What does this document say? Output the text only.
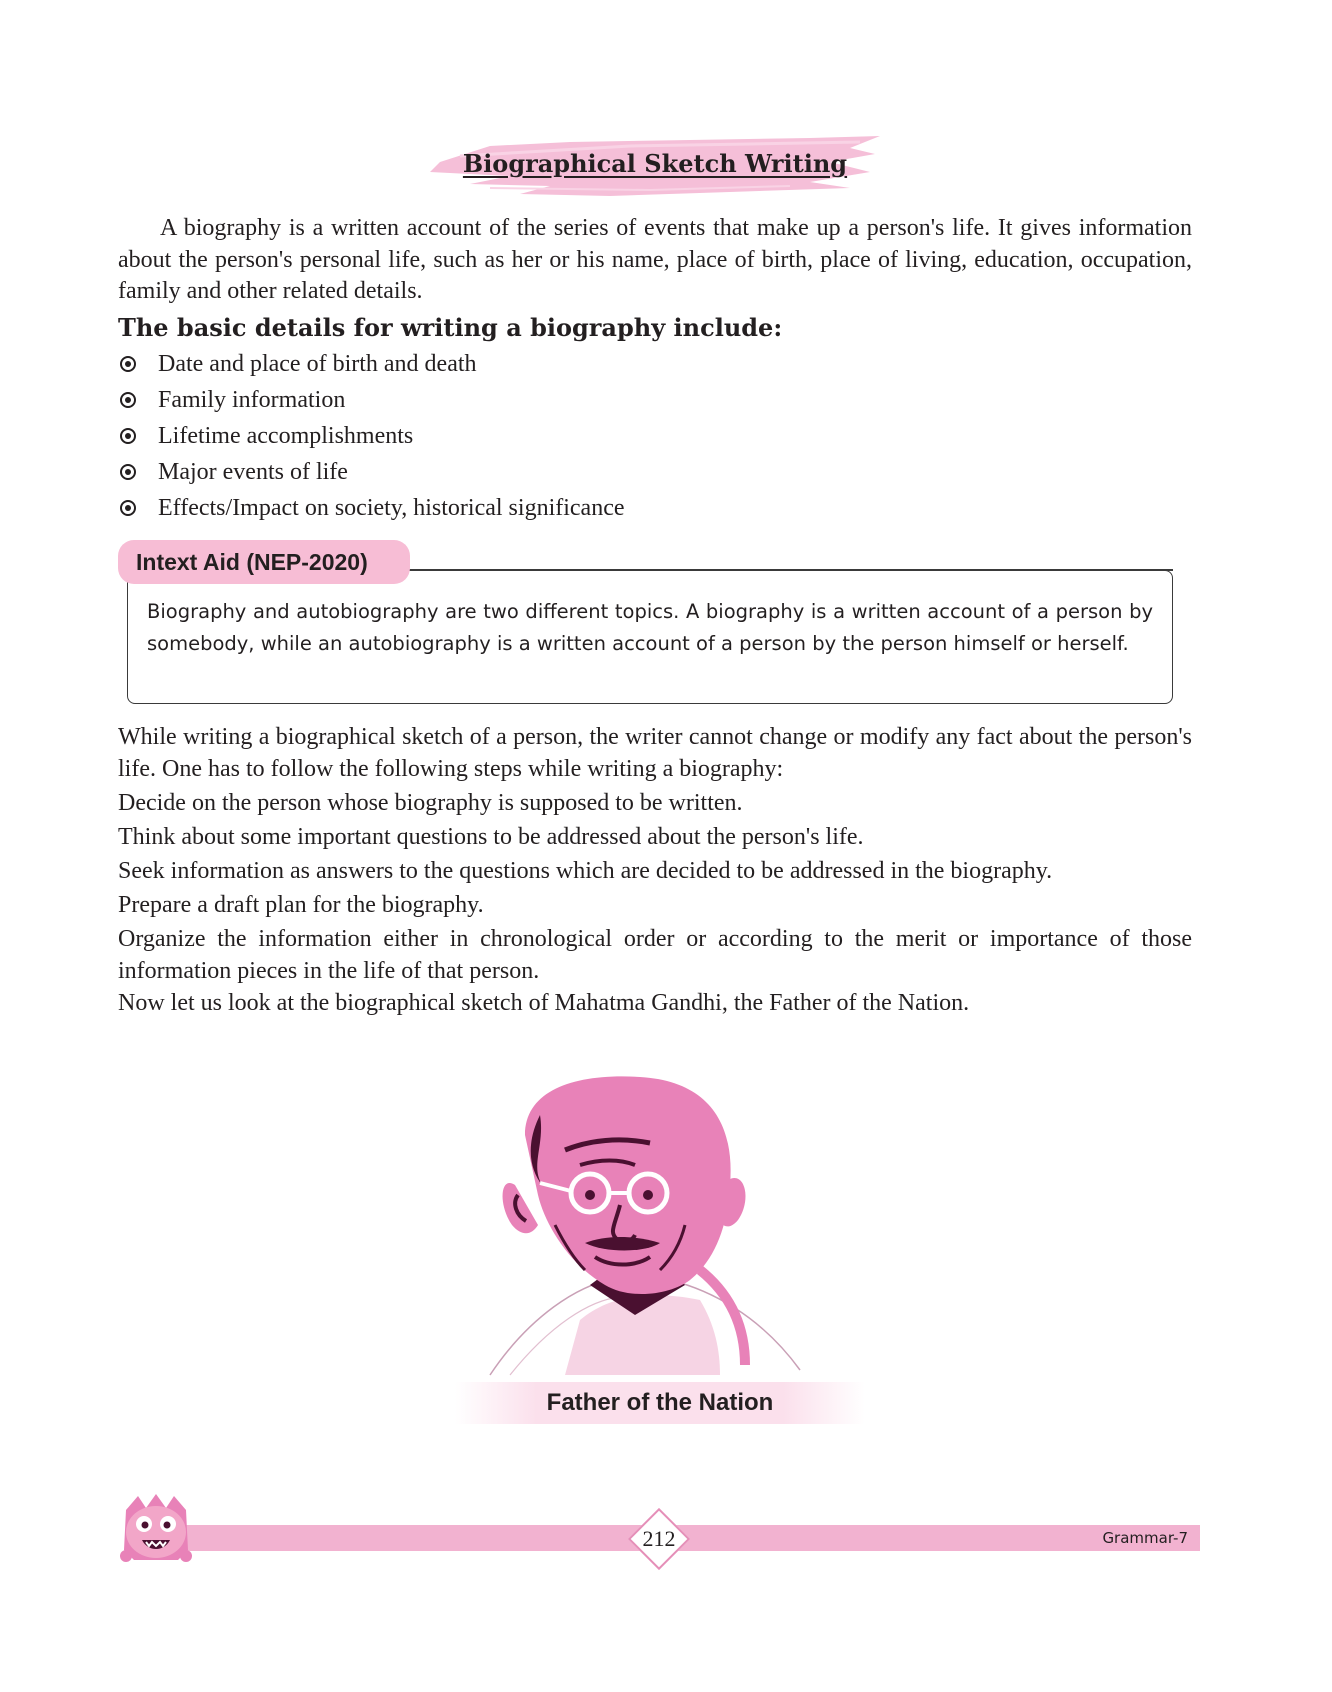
Biographical Sketch Writing

A biography is a written account of the series of events that make up a person's life. It gives information about the person's personal life, such as her or his name, place of birth, place of living, education, occupation, family and other related details.

The basic details for writing a biography include:

Date and place of birth and death
Family information
Lifetime accomplishments
Major events of life
Effects/Impact on society, historical significance
Intext Aid (NEP-2020)

Biography and autobiography are two different topics. A biography is a written account of a person by somebody, while an autobiography is a written account of a person by the person himself or herself.

While writing a biographical sketch of a person, the writer cannot change or modify any fact about the person's life. One has to follow the following steps while writing a biography:

Decide on the person whose biography is supposed to be written.

Think about some important questions to be addressed about the person's life.

Seek information as answers to the questions which are decided to be addressed in the biography.

Prepare a draft plan for the biography.

Organize the information either in chronological order or according to the merit or importance of those information pieces in the life of that person.

Now let us look at the biographical sketch of Mahatma Gandhi, the Father of the Nation.

Father of the Nation
212	Grammar-7
